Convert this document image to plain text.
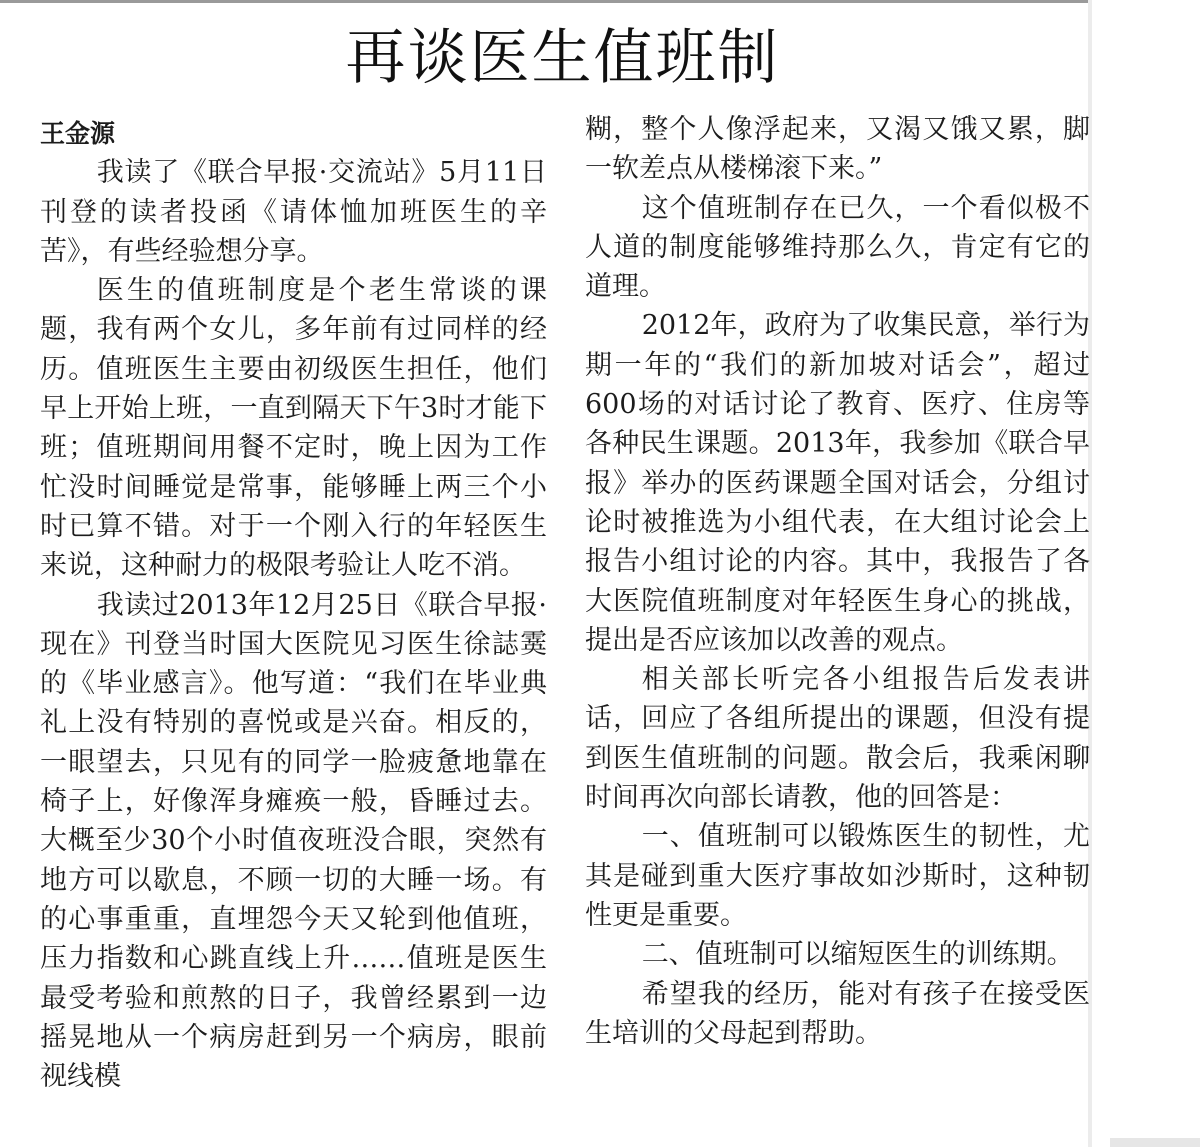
再谈医生值班制
王金源

我读了《联合早报·交流站》5月11日刊登的读者投函《请体恤加班医生的辛苦》，有些经验想分享。

医生的值班制度是个老生常谈的课题，我有两个女儿，多年前有过同样的经历。值班医生主要由初级医生担任，他们早上开始上班，一直到隔天下午3时才能下班；值班期间用餐不定时，晚上因为工作忙没时间睡觉是常事，能够睡上两三个小时已算不错。对于一个刚入行的年轻医生来说，这种耐力的极限考验让人吃不消。

我读过2013年12月25日《联合早报·现在》刊登当时国大医院见习医生徐誌霙的《毕业感言》。他写道：“我们在毕业典礼上没有特别的喜悦或是兴奋。相反的，一眼望去，只见有的同学一脸疲惫地靠在椅子上，好像浑身瘫痪一般，昏睡过去。大概至少30个小时值夜班没合眼，突然有地方可以歇息，不顾一切的大睡一场。有的心事重重，直埋怨今天又轮到他值班，压力指数和心跳直线上升……值班是医生最受考验和煎熬的日子，我曾经累到一边摇晃地从一个病房赶到另一个病房，眼前视线模

糊，整个人像浮起来，又渴又饿又累，脚一软差点从楼梯滚下来。”

这个值班制存在已久，一个看似极不人道的制度能够维持那么久，肯定有它的道理。

2012年，政府为了收集民意，举行为期一年的“我们的新加坡对话会”，超过600场的对话讨论了教育、医疗、住房等各种民生课题。2013年，我参加《联合早报》举办的医药课题全国对话会，分组讨论时被推选为小组代表，在大组讨论会上报告小组讨论的内容。其中，我报告了各大医院值班制度对年轻医生身心的挑战，提出是否应该加以改善的观点。

相关部长听完各小组报告后发表讲话，回应了各组所提出的课题，但没有提到医生值班制的问题。散会后，我乘闲聊时间再次向部长请教，他的回答是：

一、值班制可以锻炼医生的韧性，尤其是碰到重大医疗事故如沙斯时，这种韧性更是重要。

二、值班制可以缩短医生的训练期。

希望我的经历，能对有孩子在接受医生培训的父母起到帮助。
